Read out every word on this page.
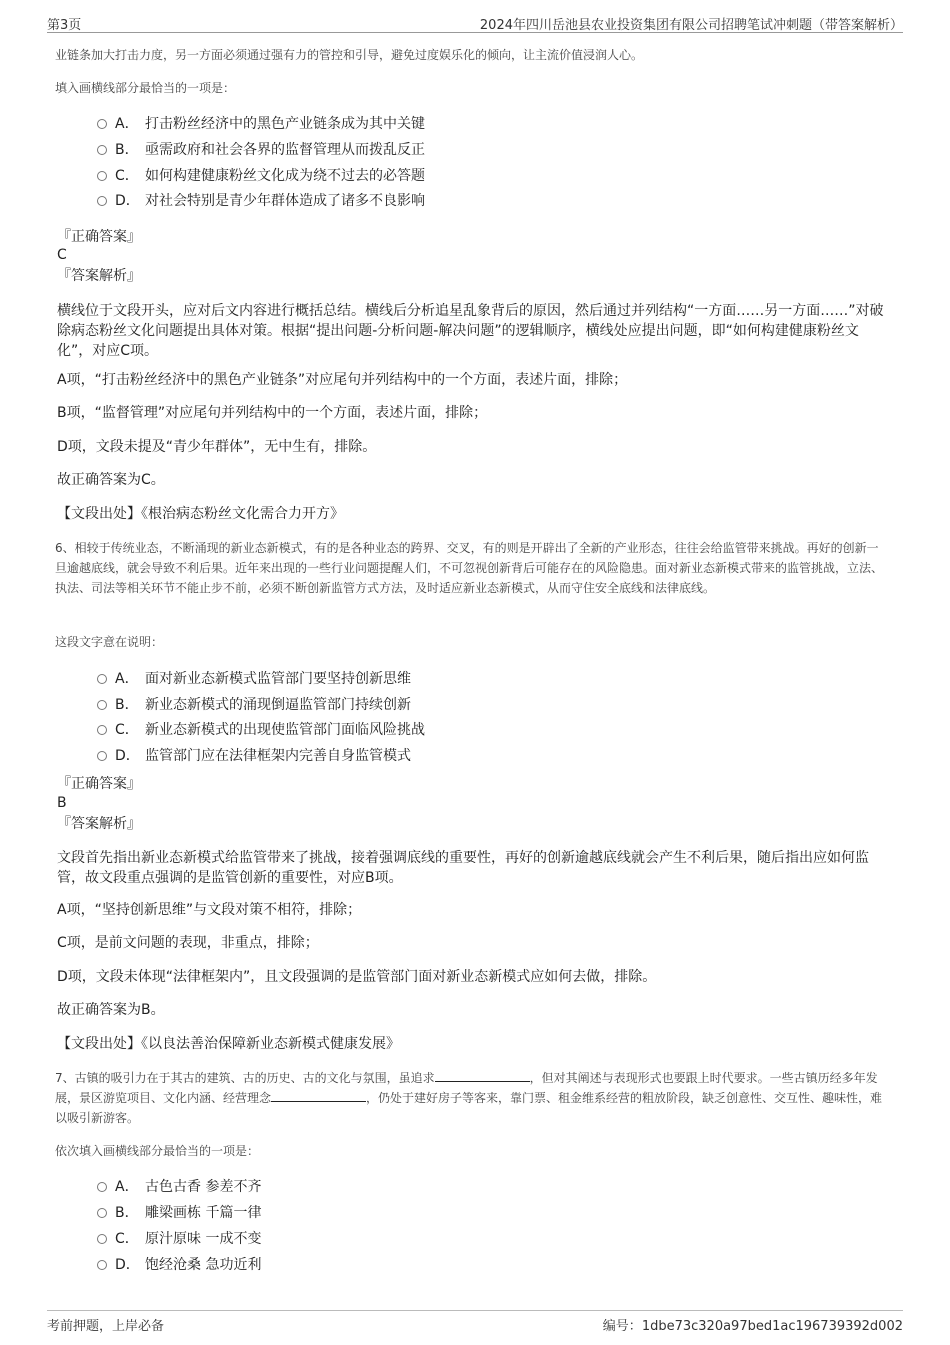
第3页	2024年四川岳池县农业投资集团有限公司招聘笔试冲刺题（带答案解析）
业链条加大打击力度，另一方面必须通过强有力的管控和引导，避免过度娱乐化的倾向，让主流价值浸润人心。
填入画横线部分最恰当的一项是：
A． 打击粉丝经济中的黑色产业链条成为其中关键
B． 亟需政府和社会各界的监督管理从而拨乱反正
C． 如何构建健康粉丝文化成为绕不过去的必答题
D． 对社会特别是青少年群体造成了诸多不良影响
『正确答案』
C
『答案解析』
横线位于文段开头，应对后文内容进行概括总结。横线后分析追星乱象背后的原因，然后通过并列结构“一方面……另一方面……”对破除病态粉丝文化问题提出具体对策。根据“提出问题-分析问题-解决问题”的逻辑顺序，横线处应提出问题，即“如何构建健康粉丝文化”，对应C项。
A项，“打击粉丝经济中的黑色产业链条”对应尾句并列结构中的一个方面，表述片面，排除；
B项，“监督管理”对应尾句并列结构中的一个方面，表述片面，排除；
D项，文段未提及“青少年群体”，无中生有，排除。
故正确答案为C。
【文段出处】《根治病态粉丝文化需合力开方》
6、相较于传统业态，不断涌现的新业态新模式，有的是各种业态的跨界、交叉，有的则是开辟出了全新的产业形态，往往会给监管带来挑战。再好的创新一旦逾越底线，就会导致不利后果。近年来出现的一些行业问题提醒人们，不可忽视创新背后可能存在的风险隐患。面对新业态新模式带来的监管挑战，立法、执法、司法等相关环节不能止步不前，必须不断创新监管方式方法，及时适应新业态新模式，从而守住安全底线和法律底线。
这段文字意在说明：
A． 面对新业态新模式监管部门要坚持创新思维
B． 新业态新模式的涌现倒逼监管部门持续创新
C． 新业态新模式的出现使监管部门面临风险挑战
D． 监管部门应在法律框架内完善自身监管模式
『正确答案』
B
『答案解析』
文段首先指出新业态新模式给监管带来了挑战，接着强调底线的重要性，再好的创新逾越底线就会产生不利后果，随后指出应如何监管，故文段重点强调的是监管创新的重要性，对应B项。
A项，“坚持创新思维”与文段对策不相符，排除；
C项，是前文问题的表现，非重点，排除；
D项，文段未体现“法律框架内”，且文段强调的是监管部门面对新业态新模式应如何去做，排除。
故正确答案为B。
【文段出处】《以良法善治保障新业态新模式健康发展》
7、古镇的吸引力在于其古的建筑、古的历史、古的文化与氛围，虽追求	，但对其阐述与表现形式也要跟上时代要求。一些古镇历经多年发展，景区游览项目、文化内涵、经营理念	，仍处于建好房子等客来，靠门票、租金维系经营的粗放阶段，缺乏创意性、交互性、趣味性，难以吸引新游客。
依次填入画横线部分最恰当的一项是：
A． 古色古香 参差不齐
B． 雕梁画栋 千篇一律
C． 原汁原味 一成不变
D． 饱经沧桑 急功近利
考前押题，上岸必备	编号：1dbe73c320a97bed1ac196739392d002
